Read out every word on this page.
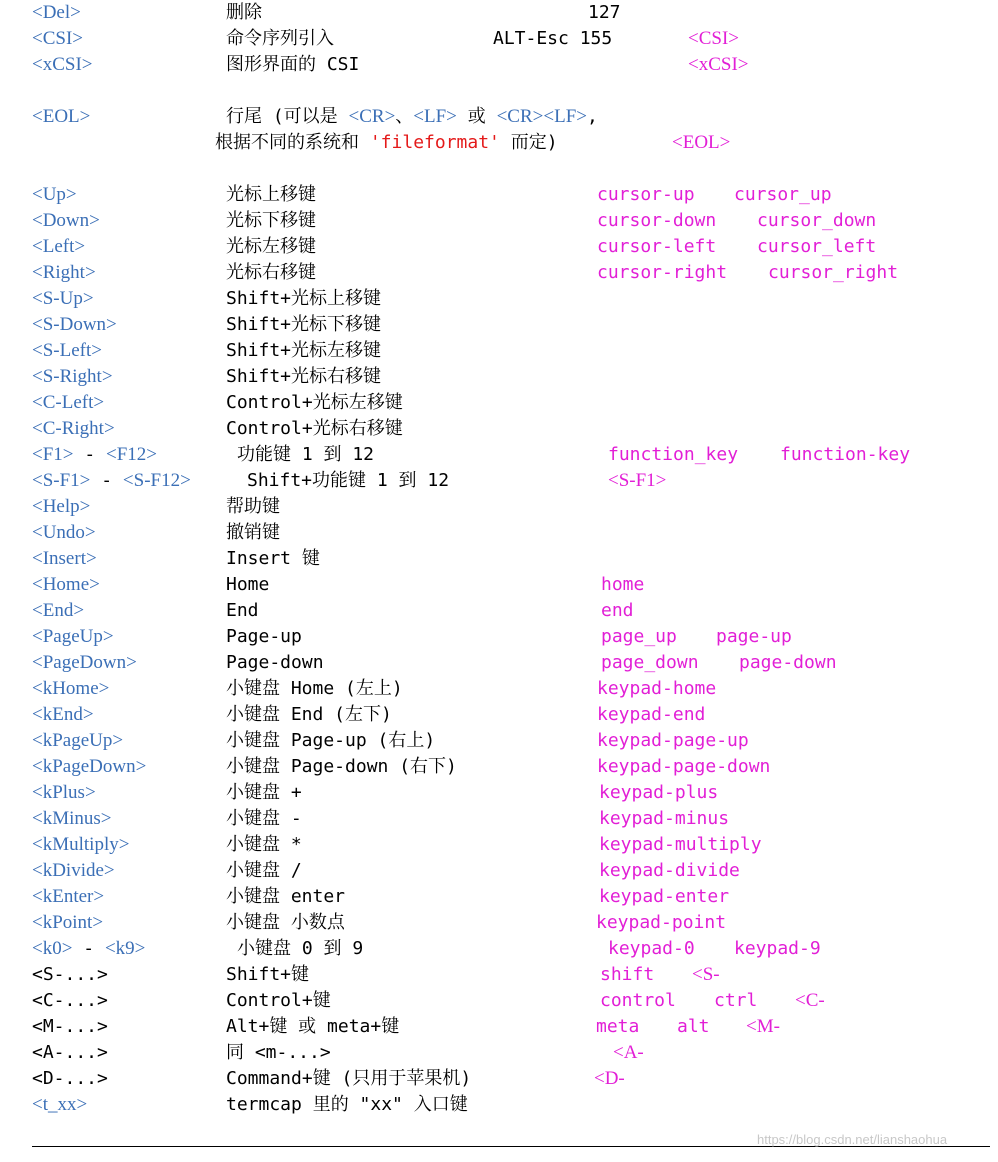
<Del>	删除	127
<CSI>	命令序列引入	ALT-Esc 155	<CSI>
<xCSI>	图形界面的 CSI	<xCSI>
<EOL>	行尾 (可以是 <CR>、<LF> 或 <CR><LF>,
根据不同的系统和 'fileformat' 而定)	<EOL>
<Up>	光标上移键	cursor-up cursor_up
<Down>	光标下移键	cursor-down cursor_down
<Left>	光标左移键	cursor-left cursor_left
<Right>	光标右移键	cursor-right cursor_right
<S-Up>	Shift+光标上移键
<S-Down>	Shift+光标下移键
<S-Left>	Shift+光标左移键
<S-Right>	Shift+光标右移键
<C-Left>	Control+光标左移键
<C-Right>	Control+光标右移键
<F1> - <F12>	功能键 1 到 12	function_key function-key
<S-F1> - <S-F12>	Shift+功能键 1 到 12	<S-F1>
<Help>	帮助键
<Undo>	撤销键
<Insert>	Insert 键
<Home>	Home	home
<End>	End	end
<PageUp>	Page-up	page_up page-up
<PageDown>	Page-down	page_down page-down
<kHome>	小键盘 Home (左上)	keypad-home
<kEnd>	小键盘 End (左下)	keypad-end
<kPageUp>	小键盘 Page-up (右上)	keypad-page-up
<kPageDown>	小键盘 Page-down (右下)	keypad-page-down
<kPlus>	小键盘 +	keypad-plus
<kMinus>	小键盘 -	keypad-minus
<kMultiply>	小键盘 *	keypad-multiply
<kDivide>	小键盘 /	keypad-divide
<kEnter>	小键盘 enter	keypad-enter
<kPoint>	小键盘 小数点	keypad-point
<k0> - <k9>	小键盘 0 到 9	keypad-0 keypad-9
<S-...>	Shift+键	shift <S-
<C-...>	Control+键	control ctrl <C-
<M-...>	Alt+键 或 meta+键	meta alt <M-
<A-...>	同 <m-...>	<A-
<D-...>	Command+键 (只用于苹果机)	<D-
<t_xx>	termcap 里的 "xx" 入口键
https://blog.csdn.net/lianshaohua
